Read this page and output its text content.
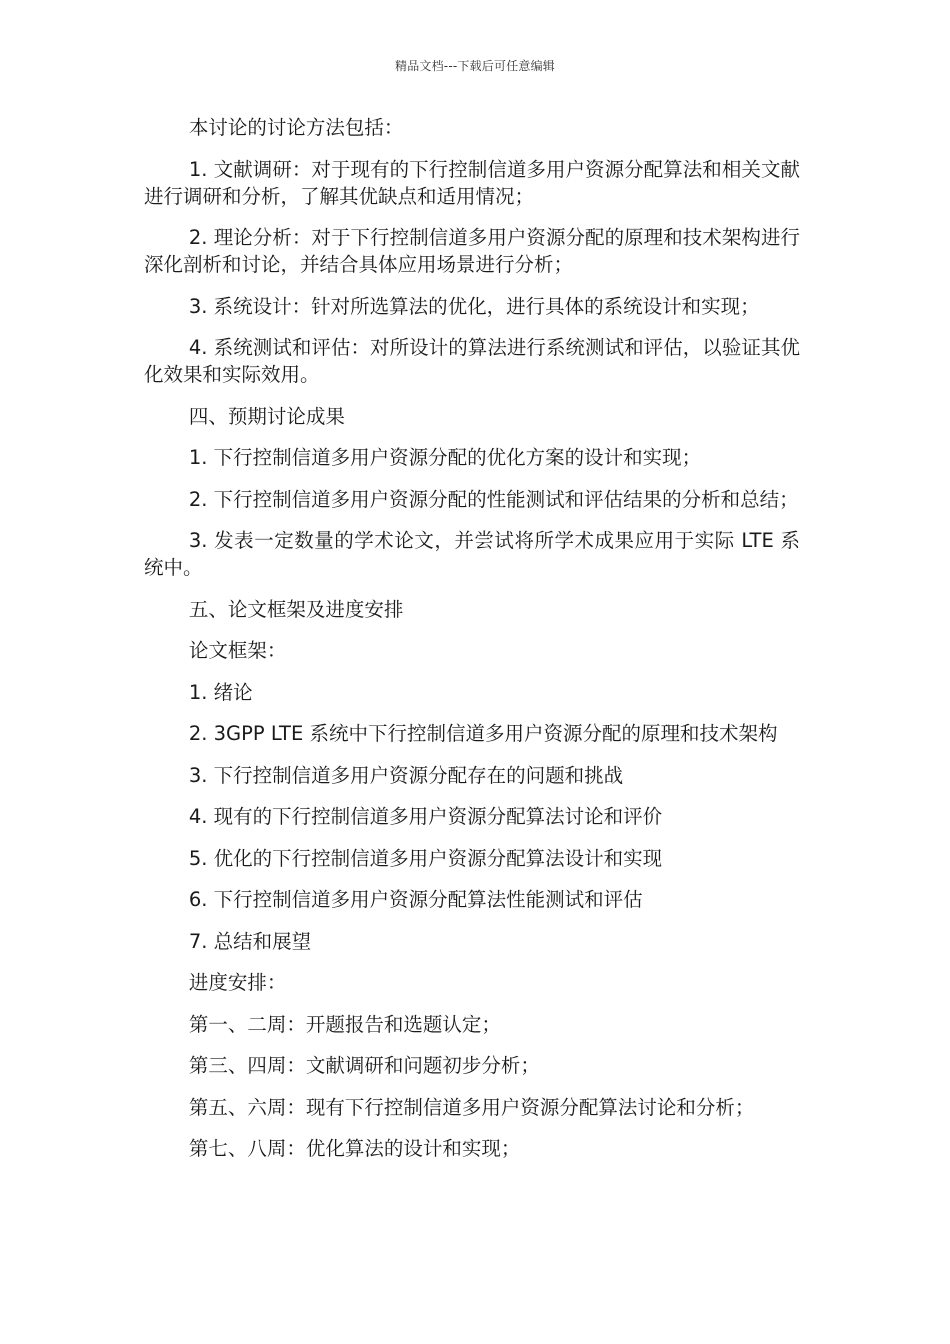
精品文档---下载后可任意编辑

本讨论的讨论方法包括：

1. 文献调研：对于现有的下行控制信道多用户资源分配算法和相关文献进行调研和分析，了解其优缺点和适用情况；

2. 理论分析：对于下行控制信道多用户资源分配的原理和技术架构进行深化剖析和讨论，并结合具体应用场景进行分析；

3. 系统设计：针对所选算法的优化，进行具体的系统设计和实现；

4. 系统测试和评估：对所设计的算法进行系统测试和评估，以验证其优化效果和实际效用。

四、预期讨论成果

1. 下行控制信道多用户资源分配的优化方案的设计和实现；

2. 下行控制信道多用户资源分配的性能测试和评估结果的分析和总结；

3. 发表一定数量的学术论文，并尝试将所学术成果应用于实际 LTE 系统中。

五、论文框架及进度安排

论文框架：

1. 绪论

2. 3GPP LTE 系统中下行控制信道多用户资源分配的原理和技术架构

3. 下行控制信道多用户资源分配存在的问题和挑战

4. 现有的下行控制信道多用户资源分配算法讨论和评价

5. 优化的下行控制信道多用户资源分配算法设计和实现

6. 下行控制信道多用户资源分配算法性能测试和评估

7. 总结和展望

进度安排：

第一、二周：开题报告和选题认定；

第三、四周：文献调研和问题初步分析；

第五、六周：现有下行控制信道多用户资源分配算法讨论和分析；

第七、八周：优化算法的设计和实现；
